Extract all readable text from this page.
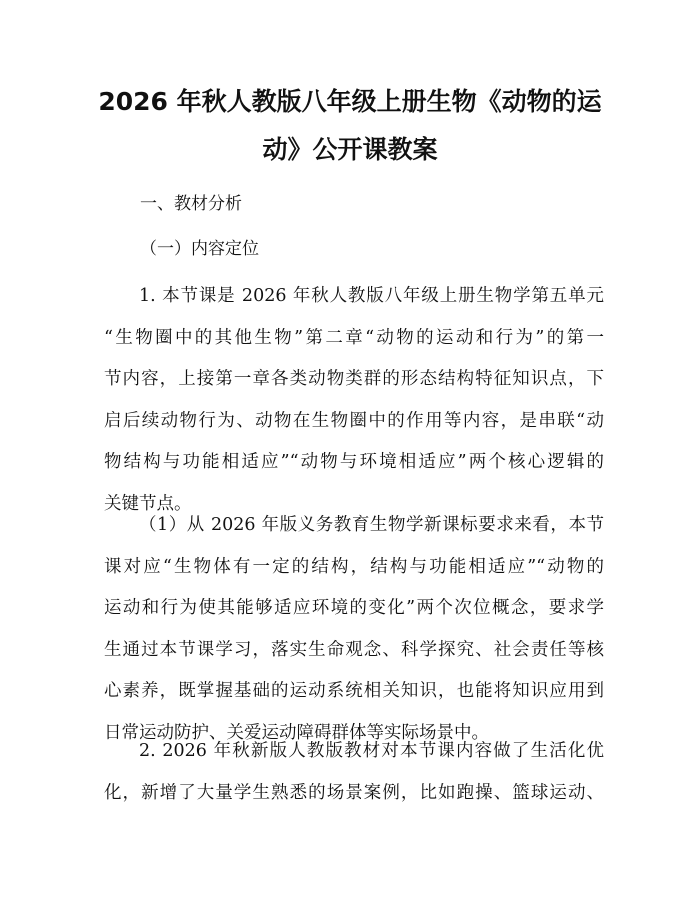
2026 年秋人教版八年级上册生物《动物的运
动》公开课教案
一、教材分析
（一）内容定位
1. 本节课是 2026 年秋人教版八年级上册生物学第五单元
“生物圈中的其他生物”第二章“动物的运动和行为”的第一
节内容，上接第一章各类动物类群的形态结构特征知识点，下
启后续动物行为、动物在生物圈中的作用等内容，是串联“动
物结构与功能相适应”“动物与环境相适应”两个核心逻辑的
关键节点。
（1）从 2026 年版义务教育生物学新课标要求来看，本节
课对应“生物体有一定的结构，结构与功能相适应”“动物的
运动和行为使其能够适应环境的变化”两个次位概念，要求学
生通过本节课学习，落实生命观念、科学探究、社会责任等核
心素养，既掌握基础的运动系统相关知识，也能将知识应用到
日常运动防护、关爱运动障碍群体等实际场景中。
2. 2026 年秋新版人教版教材对本节课内容做了生活化优
化，新增了大量学生熟悉的场景案例，比如跑操、篮球运动、
